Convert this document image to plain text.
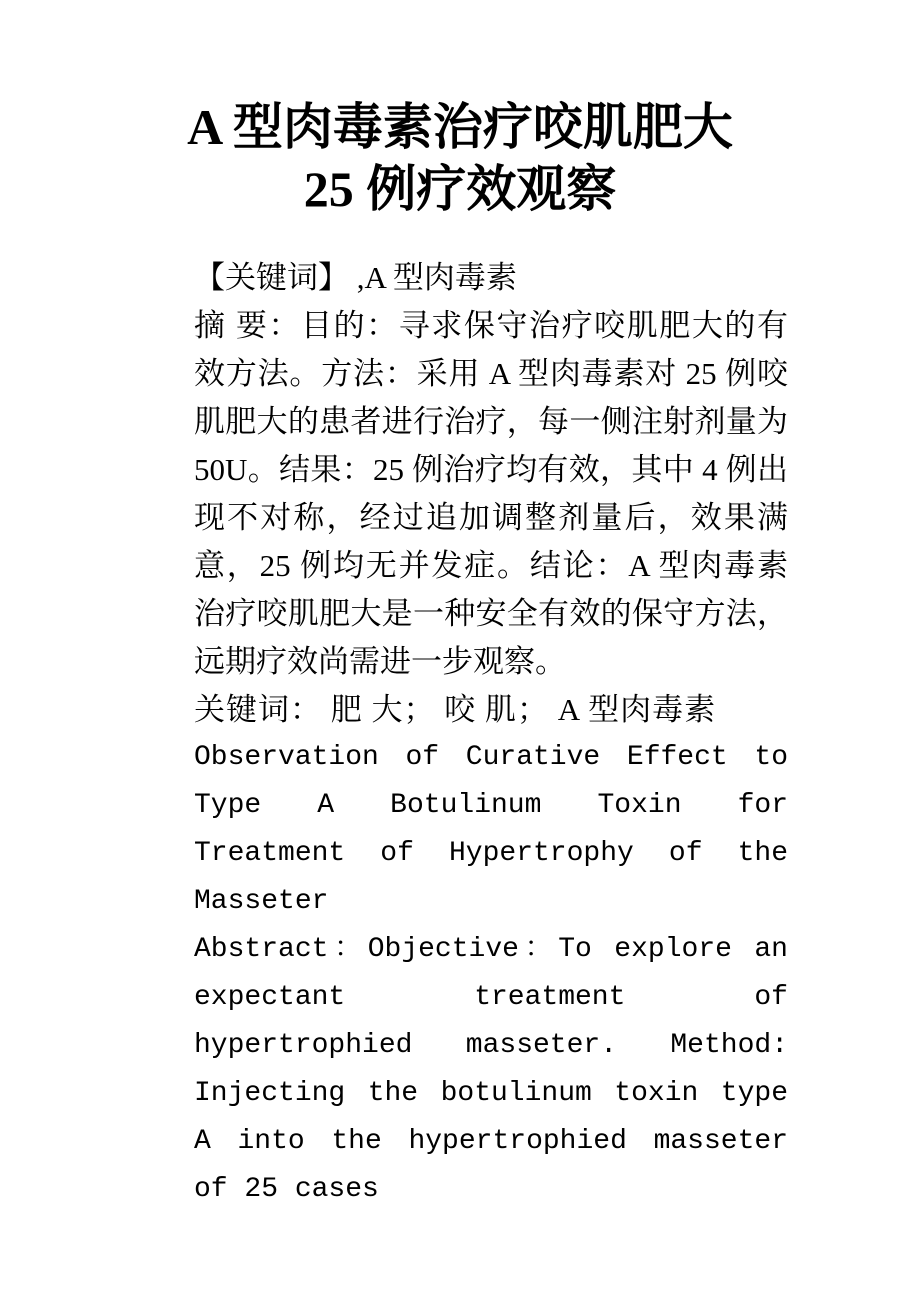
A 型肉毒素治疗咬肌肥大
25 例疗效观察

【关键词】 ,A 型肉毒素

摘 要：目的：寻求保守治疗咬肌肥大的有效方法。方法：采用 A 型肉毒素对 25 例咬肌肥大的患者进行治疗，每一侧注射剂量为 50U。结果：25 例治疗均有效，其中 4 例出现不对称，经过追加调整剂量后，效果满意，25 例均无并发症。结论：A 型肉毒素治疗咬肌肥大是一种安全有效的保守方法，远期疗效尚需进一步观察。

关键词： 肥 大； 咬 肌； A 型肉毒素

Observation of Curative Effect to Type A Botulinum Toxin for Treatment of Hypertrophy of the Masseter

Abstract：Objective：To explore an expectant treatment of hypertrophied masseter. Method: Injecting the botulinum toxin type A into the hypertrophied masseter of 25 cases
